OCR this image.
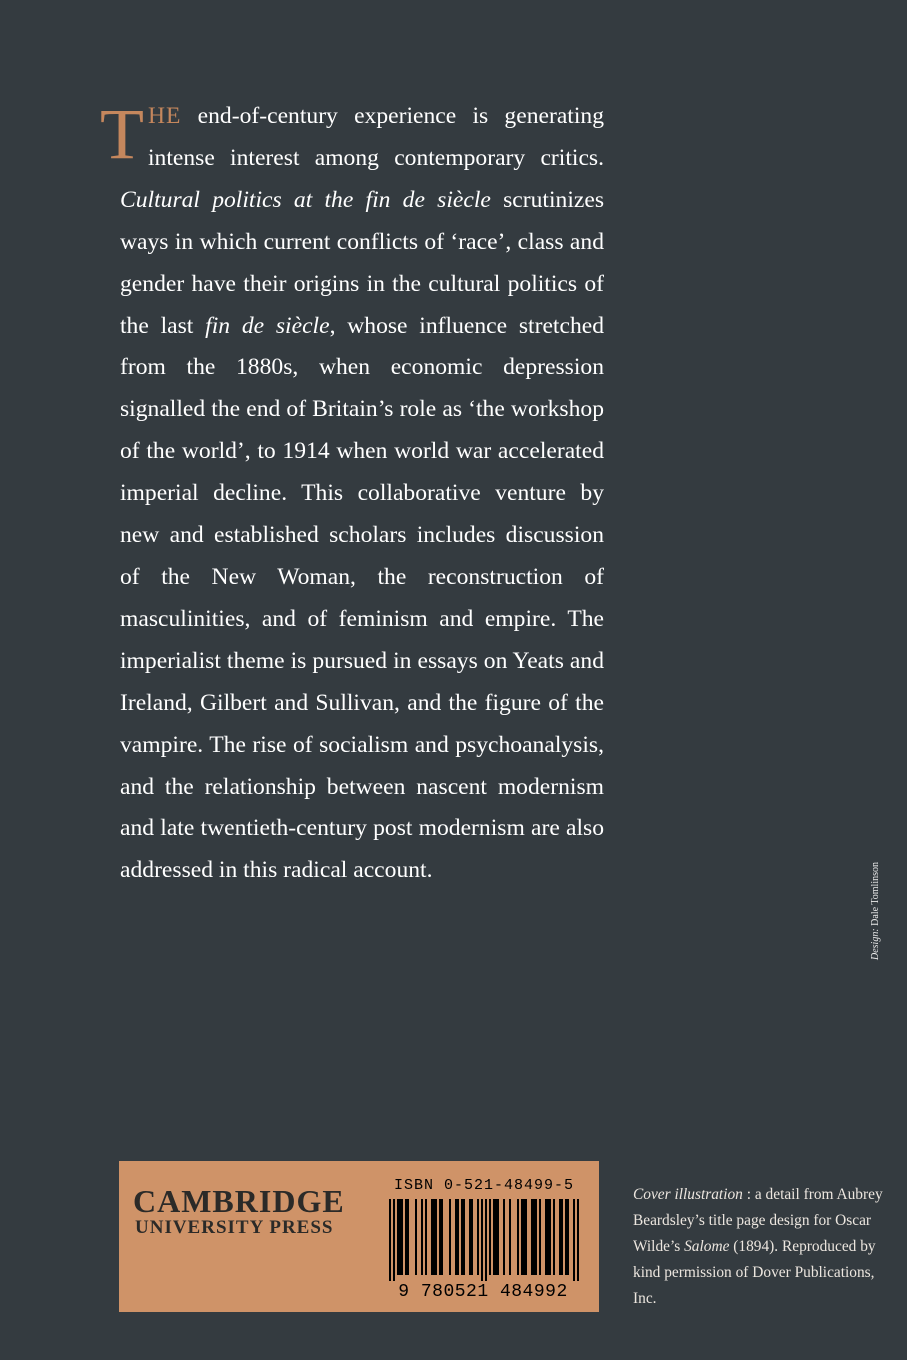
THE end-of-century experience is generating intense interest among contemporary critics. Cultural politics at the fin de siècle scrutinizes ways in which current conflicts of ‘race’, class and gender have their origins in the cultural politics of the last fin de siècle, whose influence stretched from the 1880s, when economic depression signalled the end of Britain’s role as ‘the workshop of the world’, to 1914 when world war accelerated imperial decline. This collaborative venture by new and established scholars includes discussion of the New Woman, the reconstruction of masculinities, and of feminism and empire. The imperialist theme is pursued in essays on Yeats and Ireland, Gilbert and Sullivan, and the figure of the vampire. The rise of socialism and psychoanalysis, and the relationship between nascent modernism and late twentieth-century post modernism are also addressed in this radical account.
Design: Dale Tomlinson
CAMBRIDGE
UNIVERSITY PRESS
ISBN 0-521-48499-5
9 780521 484992
Cover illustration : a detail from Aubrey Beardsley’s title page design for Oscar Wilde’s Salome (1894). Reproduced by kind permission of Dover Publications, Inc.
